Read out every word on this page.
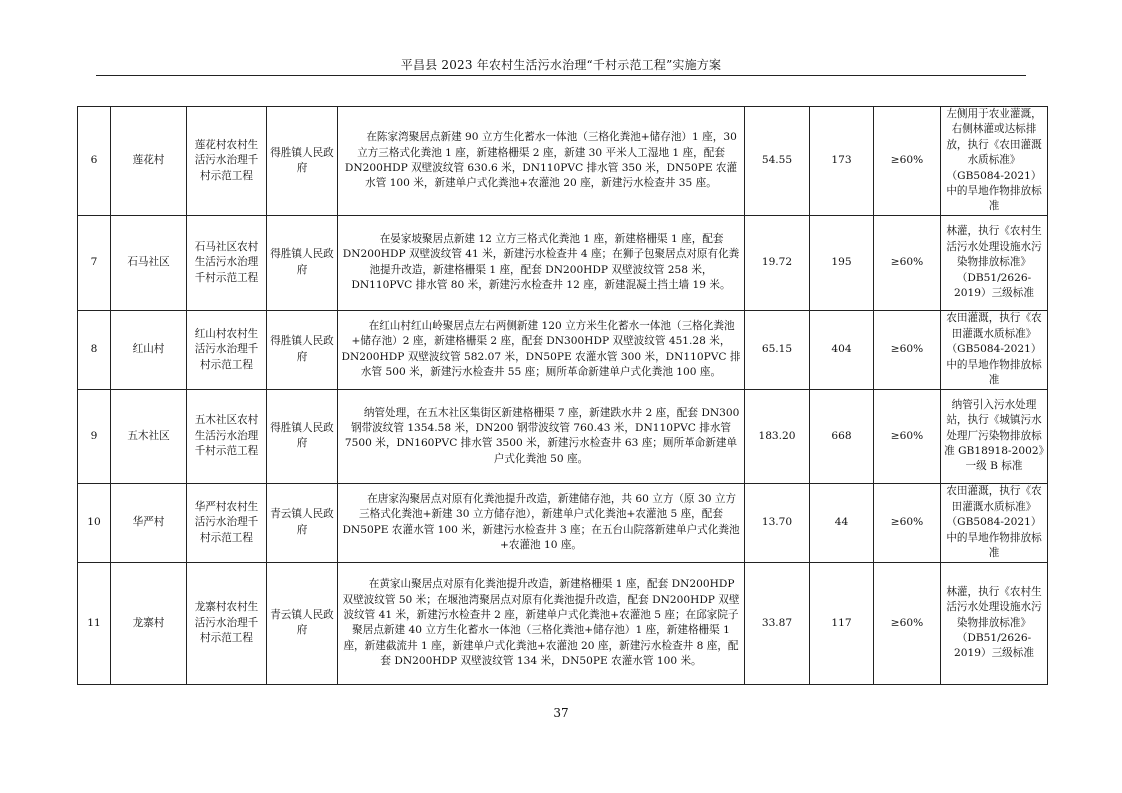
平昌县 2023 年农村生活污水治理“千村示范工程”实施方案
6	莲花村	莲花村农村生活污水治理千村示范工程	得胜镇人民政府	在陈家湾聚居点新建 90 立方生化蓄水一体池（三格化粪池+储存池）1 座，30 立方三格式化粪池 1 座，新建格栅渠 2 座，新建 30 平米人工湿地 1 座，配套 DN200HDP 双壁波纹管 630.6 米，DN110PVC 排水管 350 米，DN50PE 农灌水管 100 米，新建单户式化粪池+农灌池 20 座，新建污水检查井 35 座。	54.55	173	≥60%	左侧用于农业灌溉，右侧林灌或达标排放，执行《农田灌溉水质标准》（GB5084-2021）中的旱地作物排放标准
7	石马社区	石马社区农村生活污水治理千村示范工程	得胜镇人民政府	在晏家坡聚居点新建 12 立方三格式化粪池 1 座，新建格栅渠 1 座，配套 DN200HDP 双壁波纹管 41 米，新建污水检查井 4 座；在狮子包聚居点对原有化粪池提升改造，新建格栅渠 1 座，配套 DN200HDP 双壁波纹管 258 米，DN110PVC 排水管 80 米，新建污水检查井 12 座，新建混凝土挡土墙 19 米。	19.72	195	≥60%	林灌，执行《农村生活污水处理设施水污染物排放标准》（DB51/2626-2019）三级标准
8	红山村	红山村农村生活污水治理千村示范工程	得胜镇人民政府	在红山村红山岭聚居点左右两侧新建 120 立方米生化蓄水一体池（三格化粪池+储存池）2 座，新建格栅渠 2 座，配套 DN300HDP 双壁波纹管 451.28 米，DN200HDP 双壁波纹管 582.07 米，DN50PE 农灌水管 300 米，DN110PVC 排水管 500 米，新建污水检查井 55 座；厕所革命新建单户式化粪池 100 座。	65.15	404	≥60%	农田灌溉，执行《农田灌溉水质标准》（GB5084-2021）中的旱地作物排放标准
9	五木社区	五木社区农村生活污水治理千村示范工程	得胜镇人民政府	纳管处理，在五木社区集街区新建格栅渠 7 座，新建跌水井 2 座，配套 DN300 钢带波纹管 1354.58 米，DN200 钢带波纹管 760.43 米，DN110PVC 排水管 7500 米，DN160PVC 排水管 3500 米，新建污水检查井 63 座；厕所革命新建单户式化粪池 50 座。	183.20	668	≥60%	纳管引入污水处理站，执行《城镇污水处理厂污染物排放标准 GB18918-2002》一级 B 标准
10	华严村	华严村农村生活污水治理千村示范工程	青云镇人民政府	在唐家沟聚居点对原有化粪池提升改造，新建储存池，共 60 立方（原 30 立方三格式化粪池+新建 30 立方储存池），新建单户式化粪池+农灌池 5 座，配套 DN50PE 农灌水管 100 米，新建污水检查井 3 座；在五台山院落新建单户式化粪池+农灌池 10 座。	13.70	44	≥60%	农田灌溉，执行《农田灌溉水质标准》（GB5084-2021）中的旱地作物排放标准
11	龙寨村	龙寨村农村生活污水治理千村示范工程	青云镇人民政府	在黄家山聚居点对原有化粪池提升改造，新建格栅渠 1 座，配套 DN200HDP 双壁波纹管 50 米；在堰池湾聚居点对原有化粪池提升改造，配套 DN200HDP 双壁波纹管 41 米，新建污水检查井 2 座，新建单户式化粪池+农灌池 5 座；在邱家院子聚居点新建 40 立方生化蓄水一体池（三格化粪池+储存池）1 座，新建格栅渠 1 座，新建截流井 1 座，新建单户式化粪池+农灌池 20 座，新建污水检查井 8 座，配套 DN200HDP 双壁波纹管 134 米，DN50PE 农灌水管 100 米。	33.87	117	≥60%	林灌，执行《农村生活污水处理设施水污染物排放标准》（DB51/2626-2019）三级标准
37
